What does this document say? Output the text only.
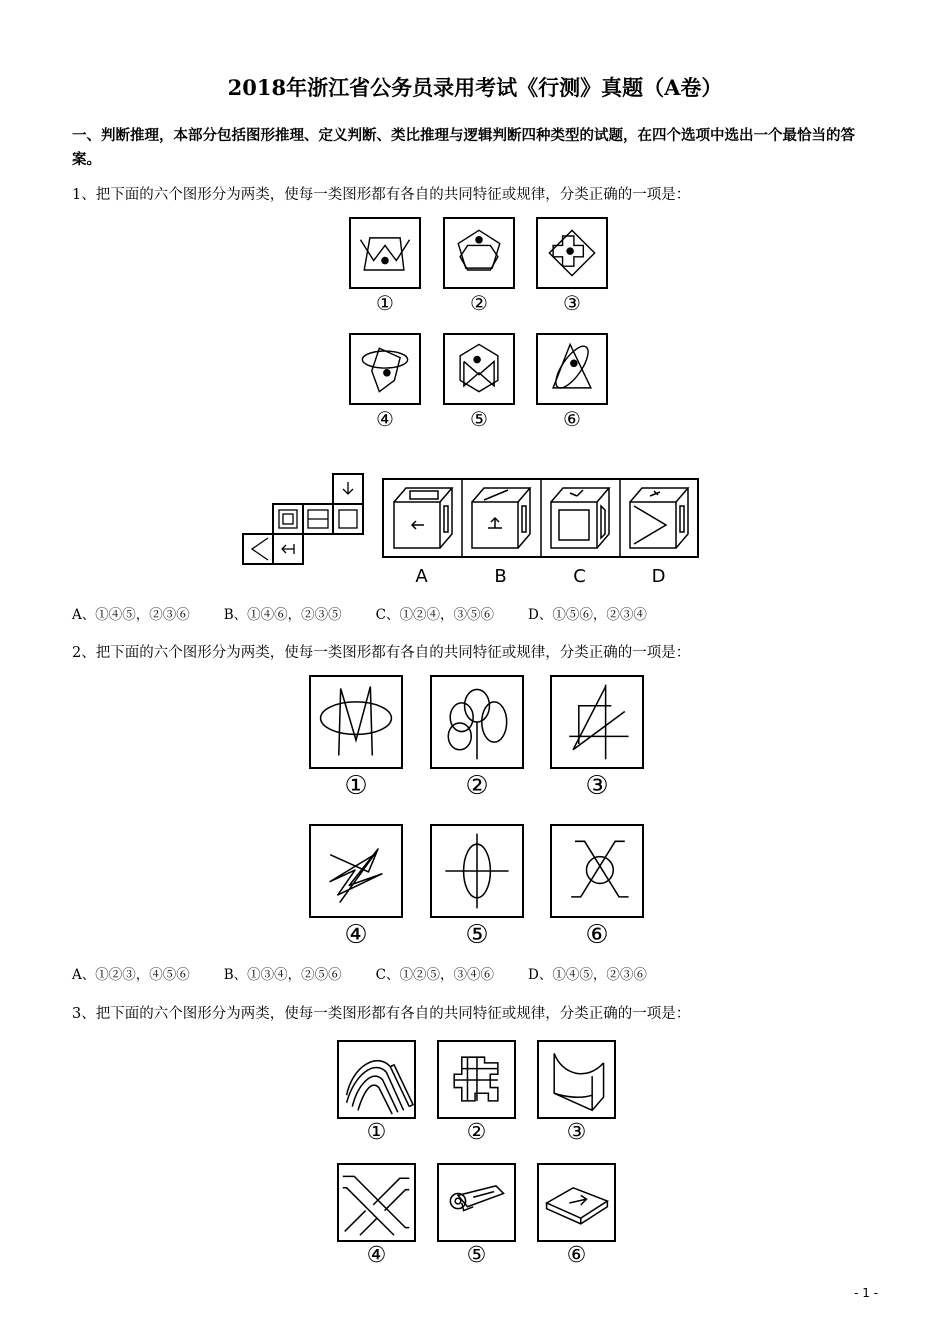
2018年浙江省公务员录用考试《行测》真题（A卷）
一、判断推理，本部分包括图形推理、定义判断、类比推理与逻辑判断四种类型的试题，在四个选项中选出一个最恰当的答案。
1、把下面的六个图形分为两类，使每一类图形都有各自的共同特征或规律，分类正确的一项是：
①	②	③
④	⑤	⑥
A	B	C	D
A、①④⑤，②③⑥	B、①④⑥，②③⑤	C、①②④，③⑤⑥	D、①⑤⑥，②③④
2、把下面的六个图形分为两类，使每一类图形都有各自的共同特征或规律，分类正确的一项是：
①	②	③
④	⑤	⑥
A、①②③，④⑤⑥	B、①③④，②⑤⑥	C、①②⑤，③④⑥	D、①④⑤，②③⑥
3、把下面的六个图形分为两类，使每一类图形都有各自的共同特征或规律，分类正确的一项是：
①	②	③
④	⑤	⑥
- 1 -
